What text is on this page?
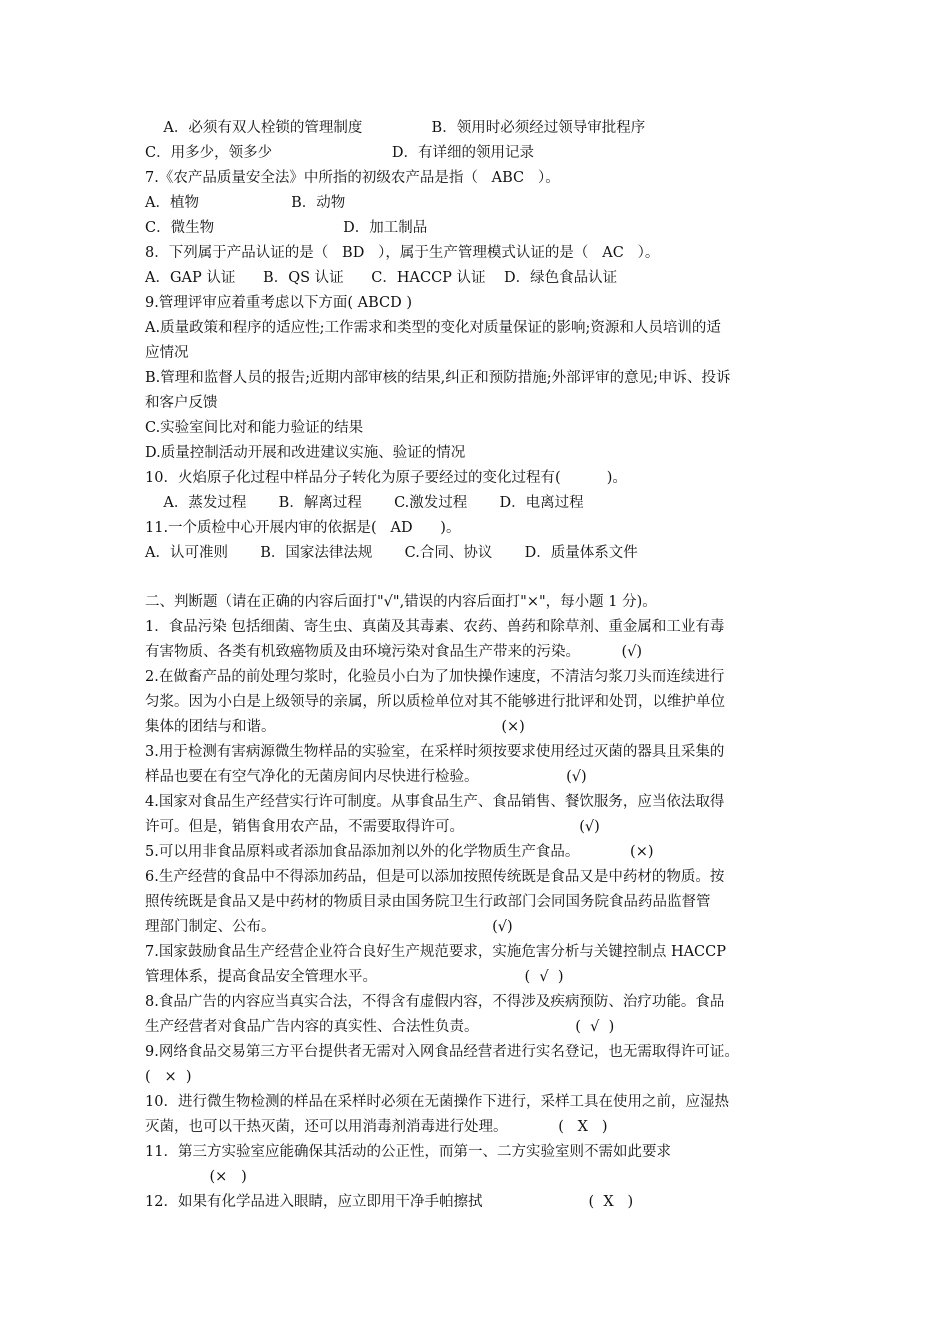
A．必须有双人栓锁的管理制度               B．领用时必须经过领导审批程序
C．用多少，领多少                          D．有详细的领用记录
7.《农产品质量安全法》中所指的初级农产品是指（   ABC   ）。
A．植物                    B．动物
C．微生物                            D．加工制品
8．下列属于产品认证的是（   BD   ），属于生产管理模式认证的是（   AC   ）。
A．GAP 认证      B．QS 认证      C．HACCP 认证    D．绿色食品认证
9.管理评审应着重考虑以下方面( ABCD )
A.质量政策和程序的适应性;工作需求和类型的变化对质量保证的影响;资源和人员培训的适
应情况
B.管理和监督人员的报告;近期内部审核的结果,纠正和预防措施;外部评审的意见;申诉、投诉
和客户反馈
C.实验室间比对和能力验证的结果
D.质量控制活动开展和改进建议实施、验证的情况
10．火焰原子化过程中样品分子转化为原子要经过的变化过程有(          )。
A．蒸发过程       B．解离过程       C.激发过程       D．电离过程
11.一个质检中心开展内审的依据是(   AD      )。
A．认可准则       B．国家法律法规       C.合同、协议       D．质量体系文件
二、判断题（请在正确的内容后面打"√",错误的内容后面打"×"，每小题 1 分)。
1．食品污染 包括细菌、寄生虫、真菌及其毒素、农药、兽药和除草剂、重金属和工业有毒
有害物质、各类有机致癌物质及由环境污染对食品生产带来的污染。         (√)
2.在做畜产品的前处理匀浆时，化验员小白为了加快操作速度，不清洁匀浆刀头而连续进行
匀浆。因为小白是上级领导的亲属，所以质检单位对其不能够进行批评和处罚，以维护单位
集体的团结与和谐。                                                 (×)
3.用于检测有害病源微生物样品的实验室，在采样时须按要求使用经过灭菌的器具且采集的
样品也要在有空气净化的无菌房间内尽快进行检验。                   (√)
4.国家对食品生产经营实行许可制度。从事食品生产、食品销售、餐饮服务，应当依法取得
许可。但是，销售食用农产品，不需要取得许可。                         (√)
5.可以用非食品原料或者添加食品添加剂以外的化学物质生产食品。           (×)
6.生产经营的食品中不得添加药品，但是可以添加按照传统既是食品又是中药材的物质。按
照传统既是食品又是中药材的物质目录由国务院卫生行政部门会同国务院食品药品监督管
理部门制定、公布。                                               (√)
7.国家鼓励食品生产经营企业符合良好生产规范要求，实施危害分析与关键控制点 HACCP
管理体系，提高食品安全管理水平。                                (  √  )
8.食品广告的内容应当真实合法，不得含有虚假内容，不得涉及疾病预防、治疗功能。食品
生产经营者对食品广告内容的真实性、合法性负责。                     (  √  )
9.网络食品交易第三方平台提供者无需对入网食品经营者进行实名登记，也无需取得许可证。
(   ×  )
10．进行微生物检测的样品在采样时必须在无菌操作下进行，采样工具在使用之前，应湿热
灭菌，也可以干热灭菌，还可以用消毒剂消毒进行处理。           (   X   )
11．第三方实验室应能确保其活动的公正性，而第一、二方实验室则不需如此要求
(×   )
12．如果有化学品进入眼睛，应立即用干净手帕擦拭                       (  X   )
